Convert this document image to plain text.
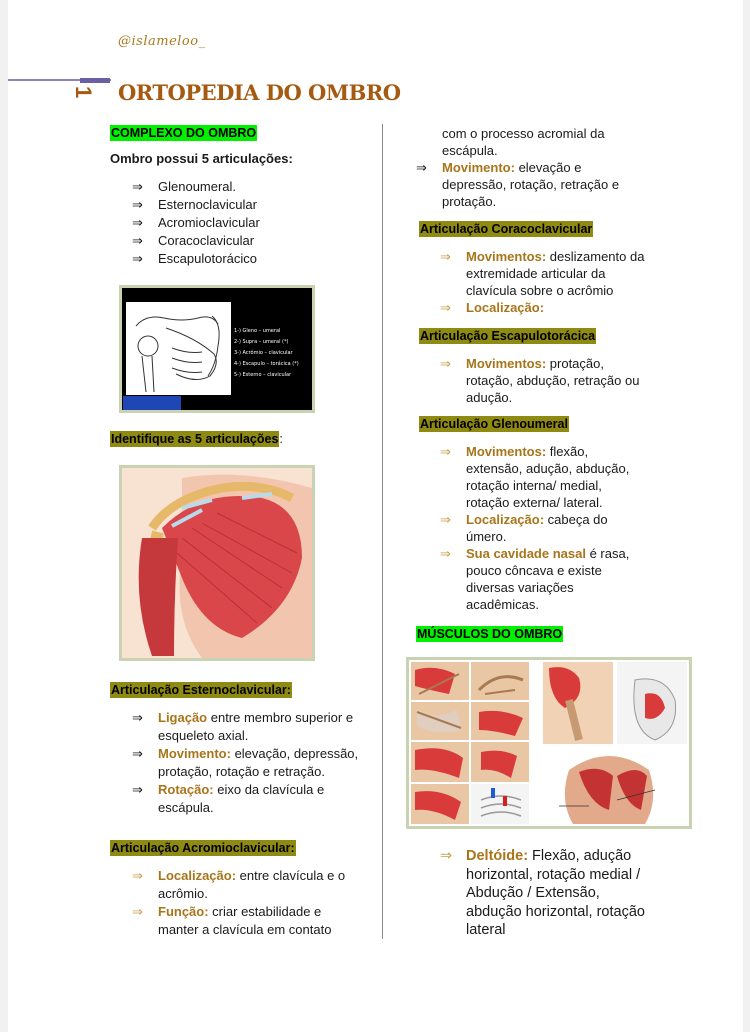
@islameloo_
1 ORTOPEDIA DO OMBRO
COMPLEXO DO OMBRO
Ombro possui 5 articulações:
⇒	Glenoumeral.
⇒	Esternoclavicular
⇒	Acromioclavicular
⇒	Coracoclavicular
⇒	Escapulotorácico
1-) Gleno – umeral
2-) Supra – umeral (*)
3-) Acrômio – clavicular
4-) Escapulo – torácica (*)
5-) Esterno – clavicular
Identifique as 5 articulações:
Articulação Esternoclavicular:
⇒	Ligação entre membro superior e esqueleto axial.
⇒	Movimento: elevação, depressão, protação, rotação e retração.
⇒	Rotação: eixo da clavícula e escápula.
Articulação Acromioclavicular:
⇒	Localização: entre clavícula e o acrômio.
⇒	Função: criar estabilidade e manter a clavícula em contato
com o processo acromial da escápula.
⇒	Movimento: elevação e depressão, rotação, retração e protação.
Articulação Coracoclavicular
⇒	Movimentos: deslizamento da extremidade articular da clavícula sobre o acrômio
⇒	Localização:
Articulação Escapulotorácica
⇒	Movimentos: protação, rotação, abdução, retração ou adução.
Articulação Glenoumeral
⇒	Movimentos: flexão, extensão, adução, abdução, rotação interna/ medial, rotação externa/ lateral.
⇒	Localização: cabeça do úmero.
⇒	Sua cavidade nasal é rasa, pouco côncava e existe diversas variações acadêmicas.
MÚSCULOS DO OMBRO
⇒ Deltóide: Flexão, adução horizontal, rotação medial / Abdução / Extensão, abdução horizontal, rotação lateral
